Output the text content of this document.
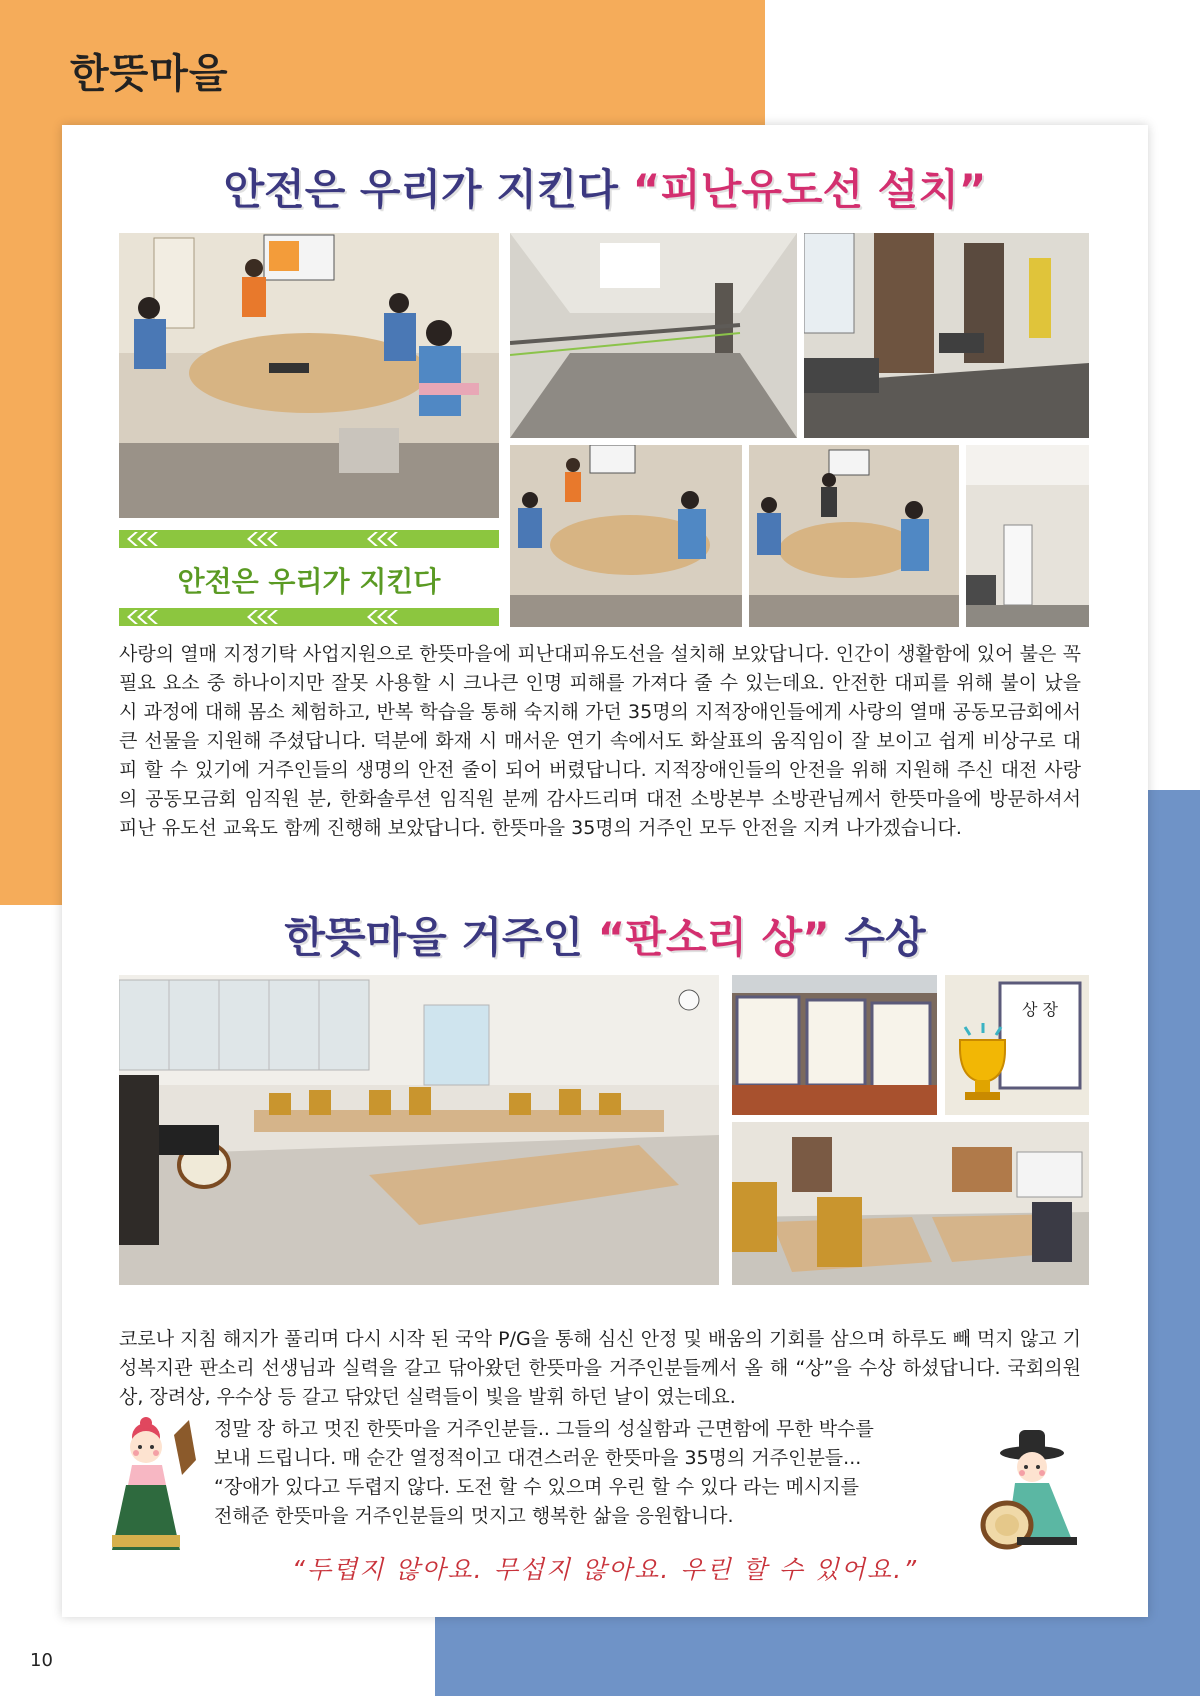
한뜻마을
10
안전은 우리가 지킨다 “피난유도선 설치”
안전은 우리가 지킨다
사랑의 열매 지정기탁 사업지원으로 한뜻마을에 피난대피유도선을 설치해 보았답니다. 인간이 생활함에 있어 불은 꼭 필요 요소 중 하나이지만 잘못 사용할 시 크나큰 인명 피해를 가져다 줄 수 있는데요. 안전한 대피를 위해 불이 났을 시 과정에 대해 몸소 체험하고, 반복 학습을 통해 숙지해 가던 35명의 지적장애인들에게 사랑의 열매 공동모금회에서 큰 선물을 지원해 주셨답니다. 덕분에 화재 시 매서운 연기 속에서도 화살표의 움직임이 잘 보이고 쉽게 비상구로 대피 할 수 있기에 거주인들의 생명의 안전 줄이 되어 버렸답니다. 지적장애인들의 안전을 위해 지원해 주신 대전 사랑의 공동모금회 임직원 분, 한화솔루션 임직원 분께 감사드리며 대전 소방본부 소방관님께서 한뜻마을에 방문하셔서 피난 유도선 교육도 함께 진행해 보았답니다. 한뜻마을 35명의 거주인 모두 안전을 지켜 나가겠습니다.
한뜻마을 거주인 “판소리 상” 수상
상 장
코로나 지침 해지가 풀리며 다시 시작 된 국악 P/G을 통해 심신 안정 및 배움의 기회를 삼으며 하루도 빼 먹지 않고 기성복지관 판소리 선생님과 실력을 갈고 닦아왔던 한뜻마을 거주인분들께서 올 해 “상”을 수상 하셨답니다. 국회의원 상, 장려상, 우수상 등 갈고 닦았던 실력들이 빛을 발휘 하던 날이 였는데요.
정말 장 하고 멋진 한뜻마을 거주인분들.. 그들의 성실함과 근면함에 무한 박수를
보내 드립니다. 매 순간 열정적이고 대견스러운 한뜻마을 35명의 거주인분들...
“장애가 있다고 두렵지 않다. 도전 할 수 있으며 우린 할 수 있다 라는 메시지를
전해준 한뜻마을 거주인분들의 멋지고 행복한 삶을 응원합니다.
“두렵지 않아요. 무섭지 않아요. 우린 할 수 있어요.”
